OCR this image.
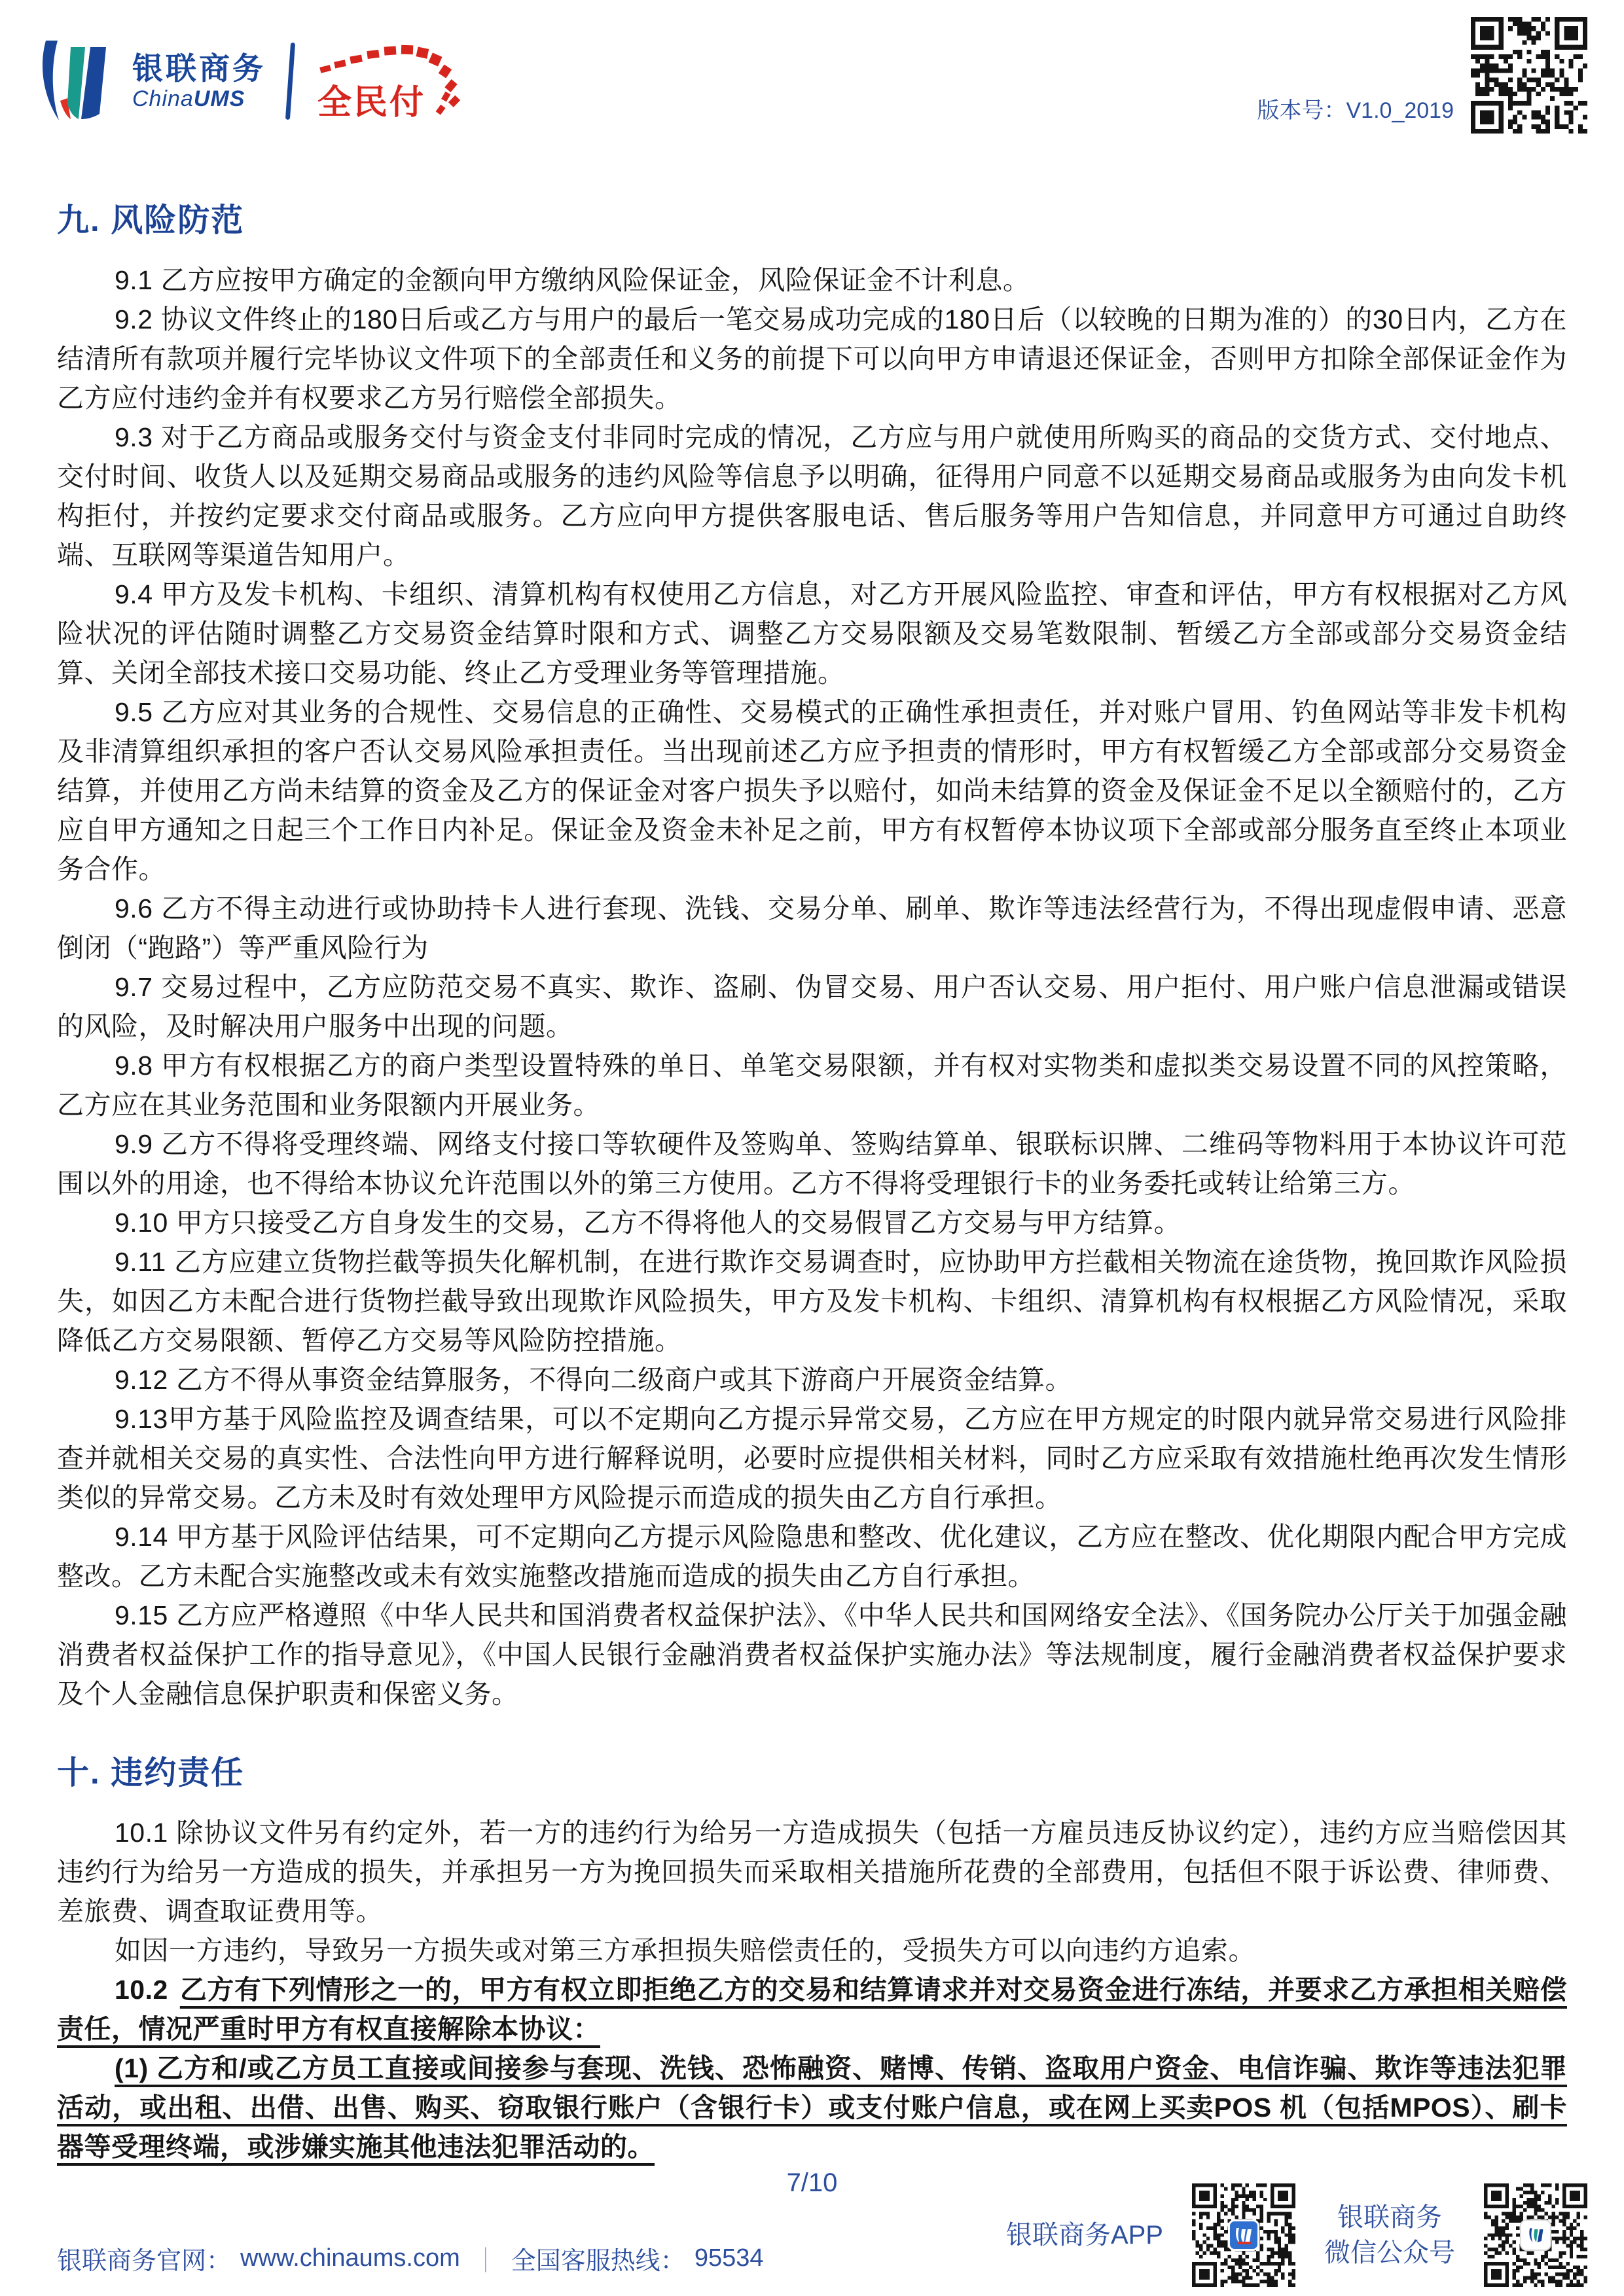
银联商务
ChinaUMS	全民付	版本号：V1.0_2019
九. 风险防范

9.1 乙方应按甲方确定的金额向甲方缴纳风险保证金，风险保证金不计利息。

9.2 协议文件终止的180日后或乙方与用户的最后一笔交易成功完成的180日后（以较晚的日期为准的）的30日内，乙方在结清所有款项并履行完毕协议文件项下的全部责任和义务的前提下可以向甲方申请退还保证金，否则甲方扣除全部保证金作为乙方应付违约金并有权要求乙方另行赔偿全部损失。

9.3 对于乙方商品或服务交付与资金支付非同时完成的情况，乙方应与用户就使用所购买的商品的交货方式、交付地点、交付时间、收货人以及延期交易商品或服务的违约风险等信息予以明确，征得用户同意不以延期交易商品或服务为由向发卡机构拒付，并按约定要求交付商品或服务。乙方应向甲方提供客服电话、售后服务等用户告知信息，并同意甲方可通过自助终端、互联网等渠道告知用户。

9.4 甲方及发卡机构、卡组织、清算机构有权使用乙方信息，对乙方开展风险监控、审查和评估，甲方有权根据对乙方风险状况的评估随时调整乙方交易资金结算时限和方式、调整乙方交易限额及交易笔数限制、暂缓乙方全部或部分交易资金结算、关闭全部技术接口交易功能、终止乙方受理业务等管理措施。

9.5 乙方应对其业务的合规性、交易信息的正确性、交易模式的正确性承担责任，并对账户冒用、钓鱼网站等非发卡机构及非清算组织承担的客户否认交易风险承担责任。当出现前述乙方应予担责的情形时，甲方有权暂缓乙方全部或部分交易资金结算，并使用乙方尚未结算的资金及乙方的保证金对客户损失予以赔付，如尚未结算的资金及保证金不足以全额赔付的，乙方应自甲方通知之日起三个工作日内补足。保证金及资金未补足之前，甲方有权暂停本协议项下全部或部分服务直至终止本项业务合作。

9.6 乙方不得主动进行或协助持卡人进行套现、洗钱、交易分单、刷单、欺诈等违法经营行为，不得出现虚假申请、恶意倒闭（“跑路”）等严重风险行为

9.7 交易过程中，乙方应防范交易不真实、欺诈、盗刷、伪冒交易、用户否认交易、用户拒付、用户账户信息泄漏或错误的风险，及时解决用户服务中出现的问题。

9.8 甲方有权根据乙方的商户类型设置特殊的单日、单笔交易限额，并有权对实物类和虚拟类交易设置不同的风控策略，乙方应在其业务范围和业务限额内开展业务。

9.9 乙方不得将受理终端、网络支付接口等软硬件及签购单、签购结算单、银联标识牌、二维码等物料用于本协议许可范围以外的用途，也不得给本协议允许范围以外的第三方使用。乙方不得将受理银行卡的业务委托或转让给第三方。

9.10 甲方只接受乙方自身发生的交易，乙方不得将他人的交易假冒乙方交易与甲方结算。

9.11 乙方应建立货物拦截等损失化解机制，在进行欺诈交易调查时，应协助甲方拦截相关物流在途货物，挽回欺诈风险损失，如因乙方未配合进行货物拦截导致出现欺诈风险损失，甲方及发卡机构、卡组织、清算机构有权根据乙方风险情况，采取降低乙方交易限额、暂停乙方交易等风险防控措施。

9.12 乙方不得从事资金结算服务，不得向二级商户或其下游商户开展资金结算。

9.13甲方基于风险监控及调查结果，可以不定期向乙方提示异常交易，乙方应在甲方规定的时限内就异常交易进行风险排查并就相关交易的真实性、合法性向甲方进行解释说明，必要时应提供相关材料，同时乙方应采取有效措施杜绝再次发生情形类似的异常交易。乙方未及时有效处理甲方风险提示而造成的损失由乙方自行承担。

9.14 甲方基于风险评估结果，可不定期向乙方提示风险隐患和整改、优化建议，乙方应在整改、优化期限内配合甲方完成整改。乙方未配合实施整改或未有效实施整改措施而造成的损失由乙方自行承担。

9.15 乙方应严格遵照《中华人民共和国消费者权益保护法》、《中华人民共和国网络安全法》、《国务院办公厅关于加强金融消费者权益保护工作的指导意见》，《中国人民银行金融消费者权益保护实施办法》等法规制度，履行金融消费者权益保护要求及个人金融信息保护职责和保密义务。

十. 违约责任

10.1 除协议文件另有约定外，若一方的违约行为给另一方造成损失（包括一方雇员违反协议约定），违约方应当赔偿因其违约行为给另一方造成的损失，并承担另一方为挽回损失而采取相关措施所花费的全部费用，包括但不限于诉讼费、律师费、差旅费、调查取证费用等。

如因一方违约，导致另一方损失或对第三方承担损失赔偿责任的，受损失方可以向违约方追索。

10.2 乙方有下列情形之一的，甲方有权立即拒绝乙方的交易和结算请求并对交易资金进行冻结，并要求乙方承担相关赔偿责任，情况严重时甲方有权直接解除本协议：

(1) 乙方和/或乙方员工直接或间接参与套现、洗钱、恐怖融资、赌博、传销、盗取用户资金、电信诈骗、欺诈等违法犯罪活动，或出租、出借、出售、购买、窃取银行账户（含银行卡）或支付账户信息，或在网上买卖POS 机（包括MPOS）、刷卡器等受理终端，或涉嫌实施其他违法犯罪活动的。

7/10
银联商务官网： www.chinaums.com ｜ 全国客服热线： 95534
银联商务APP
银联商务
微信公众号
